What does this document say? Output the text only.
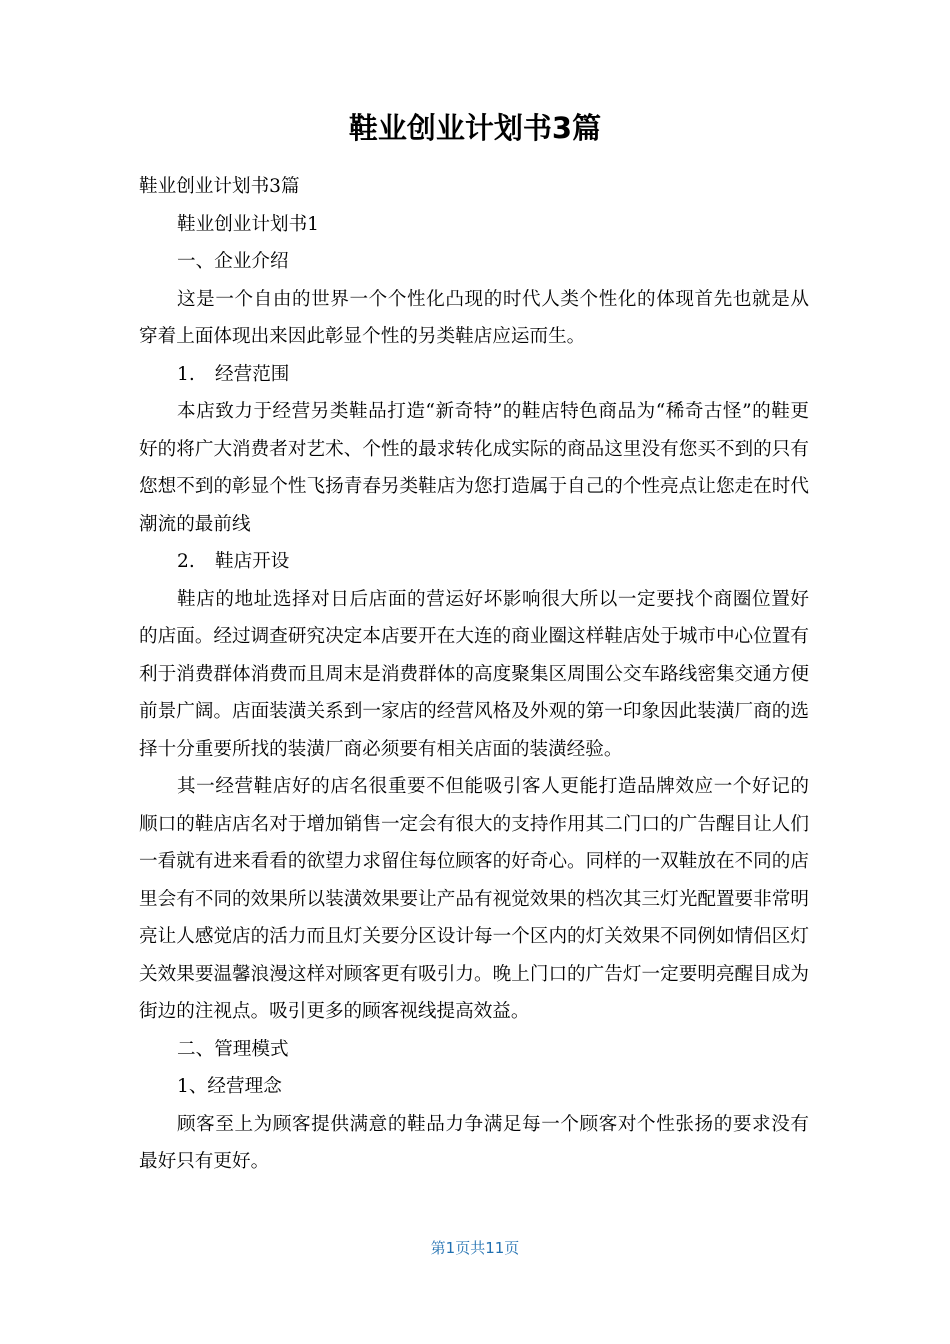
鞋业创业计划书3篇

鞋业创业计划书3篇

鞋业创业计划书1

一、企业介绍

这是一个自由的世界一个个性化凸现的时代人类个性化的体现首先也就是从穿着上面体现出来因此彰显个性的另类鞋店应运而生。

1. 经营范围

本店致力于经营另类鞋品打造“新奇特”的鞋店特色商品为“稀奇古怪”的鞋更好的将广大消费者对艺术、个性的最求转化成实际的商品这里没有您买不到的只有您想不到的彰显个性飞扬青春另类鞋店为您打造属于自己的个性亮点让您走在时代潮流的最前线

2. 鞋店开设

鞋店的地址选择对日后店面的营运好坏影响很大所以一定要找个商圈位置好的店面。经过调查研究决定本店要开在大连的商业圈这样鞋店处于城市中心位置有利于消费群体消费而且周末是消费群体的高度聚集区周围公交车路线密集交通方便前景广阔。店面装潢关系到一家店的经营风格及外观的第一印象因此装潢厂商的选择十分重要所找的装潢厂商必须要有相关店面的装潢经验。

其一经营鞋店好的店名很重要不但能吸引客人更能打造品牌效应一个好记的顺口的鞋店店名对于增加销售一定会有很大的支持作用其二门口的广告醒目让人们一看就有进来看看的欲望力求留住每位顾客的好奇心。同样的一双鞋放在不同的店里会有不同的效果所以装潢效果要让产品有视觉效果的档次其三灯光配置要非常明亮让人感觉店的活力而且灯关要分区设计每一个区内的灯关效果不同例如情侣区灯关效果要温馨浪漫这样对顾客更有吸引力。晚上门口的广告灯一定要明亮醒目成为街边的注视点。吸引更多的顾客视线提高效益。

二、管理模式

1、经营理念

顾客至上为顾客提供满意的鞋品力争满足每一个顾客对个性张扬的要求没有最好只有更好。

第1页共11页
